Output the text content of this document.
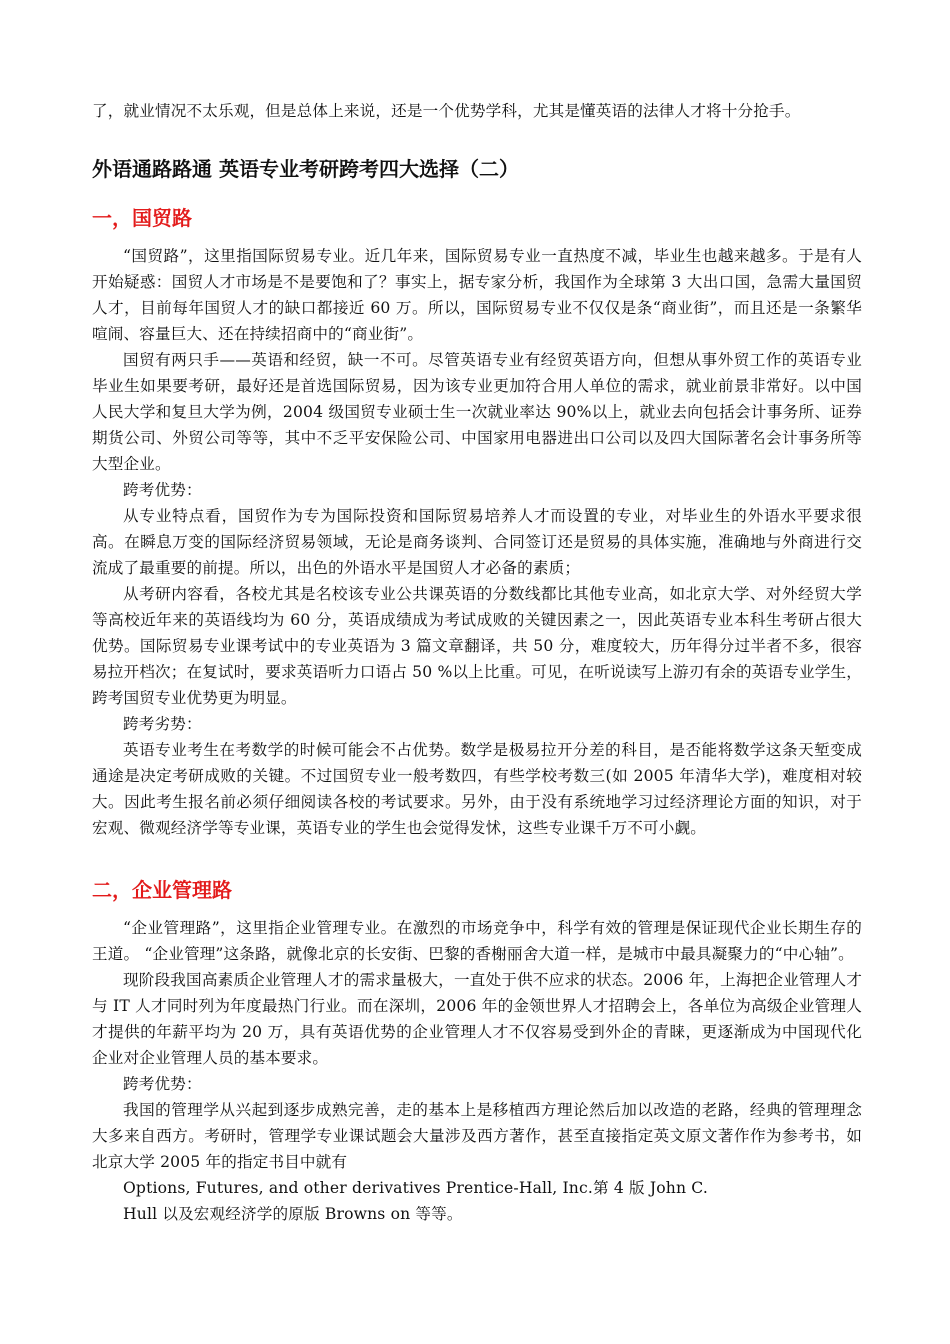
了，就业情况不太乐观，但是总体上来说，还是一个优势学科，尤其是懂英语的法律人才将十分抢手。

外语通路路通 英语专业考研跨考四大选择（二）
一，国贸路

“国贸路”，这里指国际贸易专业。近几年来，国际贸易专业一直热度不减，毕业生也越来越多。于是有人开始疑惑：国贸人才市场是不是要饱和了？事实上，据专家分析，我国作为全球第 3 大出口国，急需大量国贸人才，目前每年国贸人才的缺口都接近 60 万。所以，国际贸易专业不仅仅是条“商业街”，而且还是一条繁华喧闹、容量巨大、还在持续招商中的“商业街”。

国贸有两只手——英语和经贸，缺一不可。尽管英语专业有经贸英语方向，但想从事外贸工作的英语专业毕业生如果要考研，最好还是首选国际贸易，因为该专业更加符合用人单位的需求，就业前景非常好。以中国人民大学和复旦大学为例，2004 级国贸专业硕士生一次就业率达 90%以上，就业去向包括会计事务所、证券期货公司、外贸公司等等，其中不乏平安保险公司、中国家用电器进出口公司以及四大国际著名会计事务所等大型企业。

跨考优势：

从专业特点看，国贸作为专为国际投资和国际贸易培养人才而设置的专业，对毕业生的外语水平要求很高。在瞬息万变的国际经济贸易领域，无论是商务谈判、合同签订还是贸易的具体实施，准确地与外商进行交流成了最重要的前提。所以，出色的外语水平是国贸人才必备的素质；

从考研内容看，各校尤其是名校该专业公共课英语的分数线都比其他专业高，如北京大学、对外经贸大学等高校近年来的英语线均为 60 分，英语成绩成为考试成败的关键因素之一，因此英语专业本科生考研占很大优势。国际贸易专业课考试中的专业英语为 3 篇文章翻译，共 50 分，难度较大，历年得分过半者不多，很容易拉开档次；在复试时，要求英语听力口语占 50 %以上比重。可见，在听说读写上游刃有余的英语专业学生，跨考国贸专业优势更为明显。

跨考劣势：

英语专业考生在考数学的时候可能会不占优势。数学是极易拉开分差的科目，是否能将数学这条天堑变成通途是决定考研成败的关键。不过国贸专业一般考数四，有些学校考数三(如 2005 年清华大学)，难度相对较大。因此考生报名前必须仔细阅读各校的考试要求。另外，由于没有系统地学习过经济理论方面的知识，对于宏观、微观经济学等专业课，英语专业的学生也会觉得发怵，这些专业课千万不可小觑。

二，企业管理路

“企业管理路”，这里指企业管理专业。在激烈的市场竞争中，科学有效的管理是保证现代企业长期生存的王道。 “企业管理”这条路，就像北京的长安街、巴黎的香榭丽舍大道一样，是城市中最具凝聚力的“中心轴”。

现阶段我国高素质企业管理人才的需求量极大，一直处于供不应求的状态。2006 年，上海把企业管理人才与 IT 人才同时列为年度最热门行业。而在深圳，2006 年的金领世界人才招聘会上，各单位为高级企业管理人才提供的年薪平均为 20 万，具有英语优势的企业管理人才不仅容易受到外企的青睐，更逐渐成为中国现代化企业对企业管理人员的基本要求。

跨考优势：

我国的管理学从兴起到逐步成熟完善，走的基本上是移植西方理论然后加以改造的老路，经典的管理理念大多来自西方。考研时，管理学专业课试题会大量涉及西方著作，甚至直接指定英文原文著作作为参考书，如北京大学 2005 年的指定书目中就有

Options, Futures, and other derivatives Prentice-Hall, Inc.第 4 版 John C.

Hull 以及宏观经济学的原版 Browns on 等等。
